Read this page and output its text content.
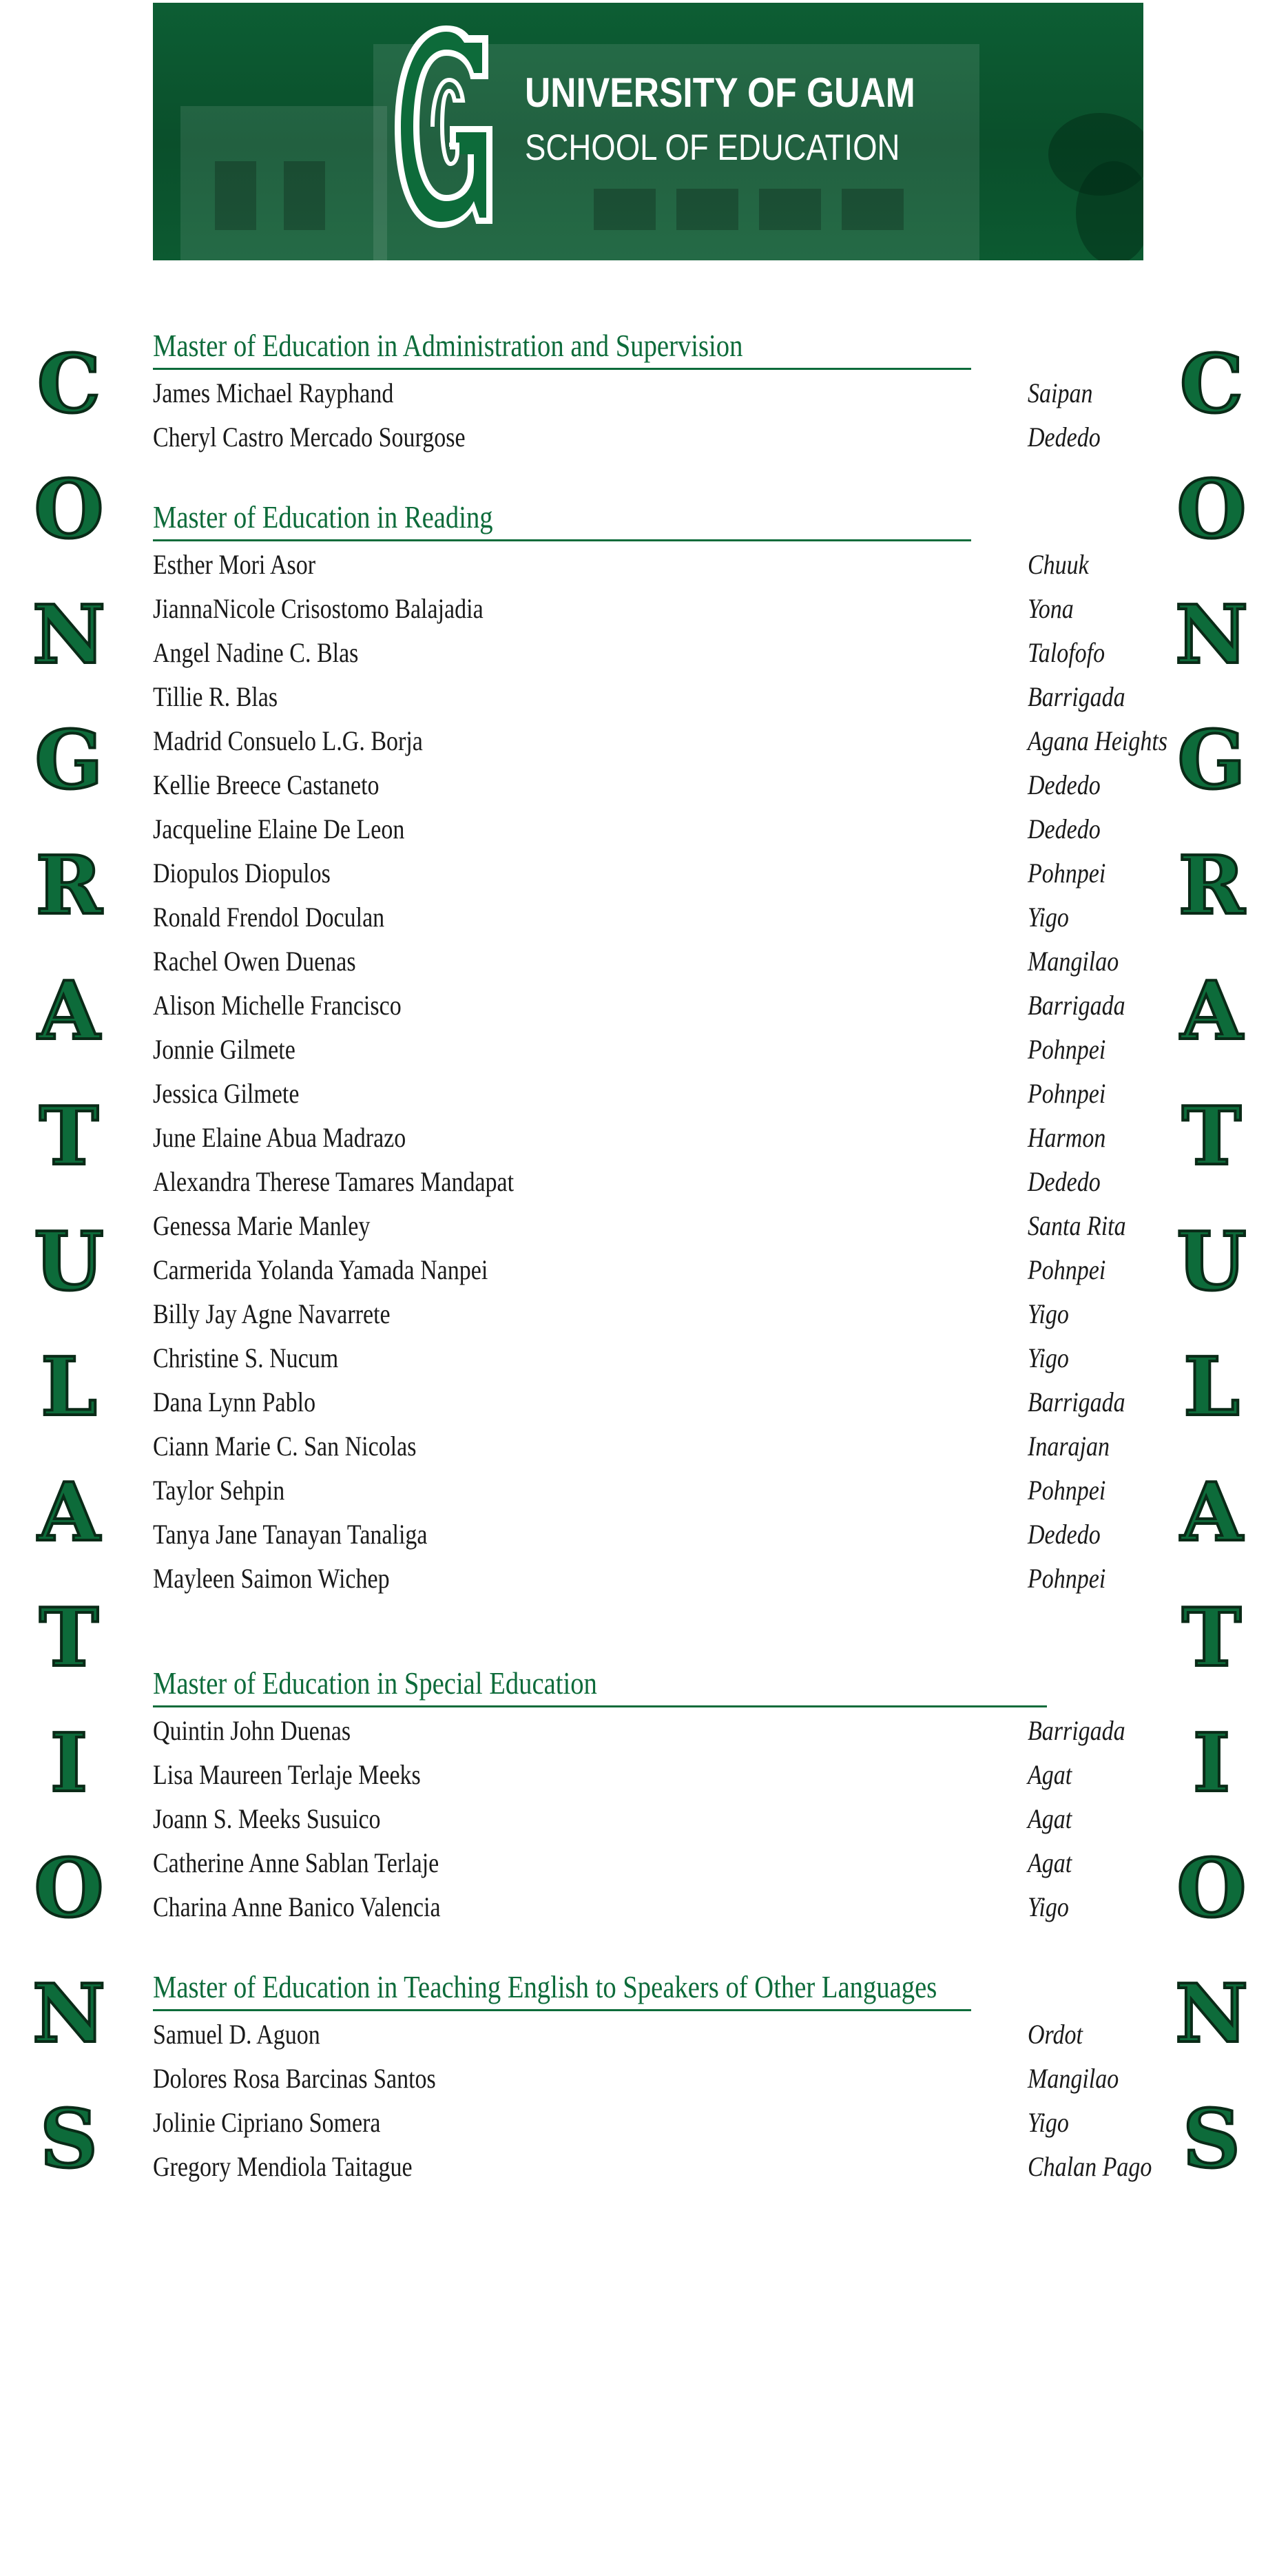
UNIVERSITY OF GUAM
SCHOOL OF EDUCATION
C
O
N
G
R
A
T
U
L
A
T
I
O
N
S
C
O
N
G
R
A
T
U
L
A
T
I
O
N
S
Master of Education in Administration and Supervision
James Michael Rayphand	Saipan
Cheryl Castro Mercado Sourgose	Dededo
Master of Education in Reading
Esther Mori Asor	Chuuk
JiannaNicole Crisostomo Balajadia	Yona
Angel Nadine C. Blas	Talofofo
Tillie R. Blas	Barrigada
Madrid Consuelo L.G. Borja	Agana Heights
Kellie Breece Castaneto	Dededo
Jacqueline Elaine De Leon	Dededo
Diopulos Diopulos	Pohnpei
Ronald Frendol Doculan	Yigo
Rachel Owen Duenas	Mangilao
Alison Michelle Francisco	Barrigada
Jonnie Gilmete	Pohnpei
Jessica Gilmete	Pohnpei
June Elaine Abua Madrazo	Harmon
Alexandra Therese Tamares Mandapat	Dededo
Genessa Marie Manley	Santa Rita
Carmerida Yolanda Yamada Nanpei	Pohnpei
Billy Jay Agne Navarrete	Yigo
Christine S. Nucum	Yigo
Dana Lynn Pablo	Barrigada
Ciann Marie C. San Nicolas	Inarajan
Taylor Sehpin	Pohnpei
Tanya Jane Tanayan Tanaliga	Dededo
Mayleen Saimon Wichep	Pohnpei
Master of Education in Special Education
Quintin John Duenas	Barrigada
Lisa Maureen Terlaje Meeks	Agat
Joann S. Meeks Susuico	Agat
Catherine Anne Sablan Terlaje	Agat
Charina Anne Banico Valencia	Yigo
Master of Education in Teaching English to Speakers of Other Languages
Samuel D. Aguon	Ordot
Dolores Rosa Barcinas Santos	Mangilao
Jolinie Cipriano Somera	Yigo
Gregory Mendiola Taitague	Chalan Pago
